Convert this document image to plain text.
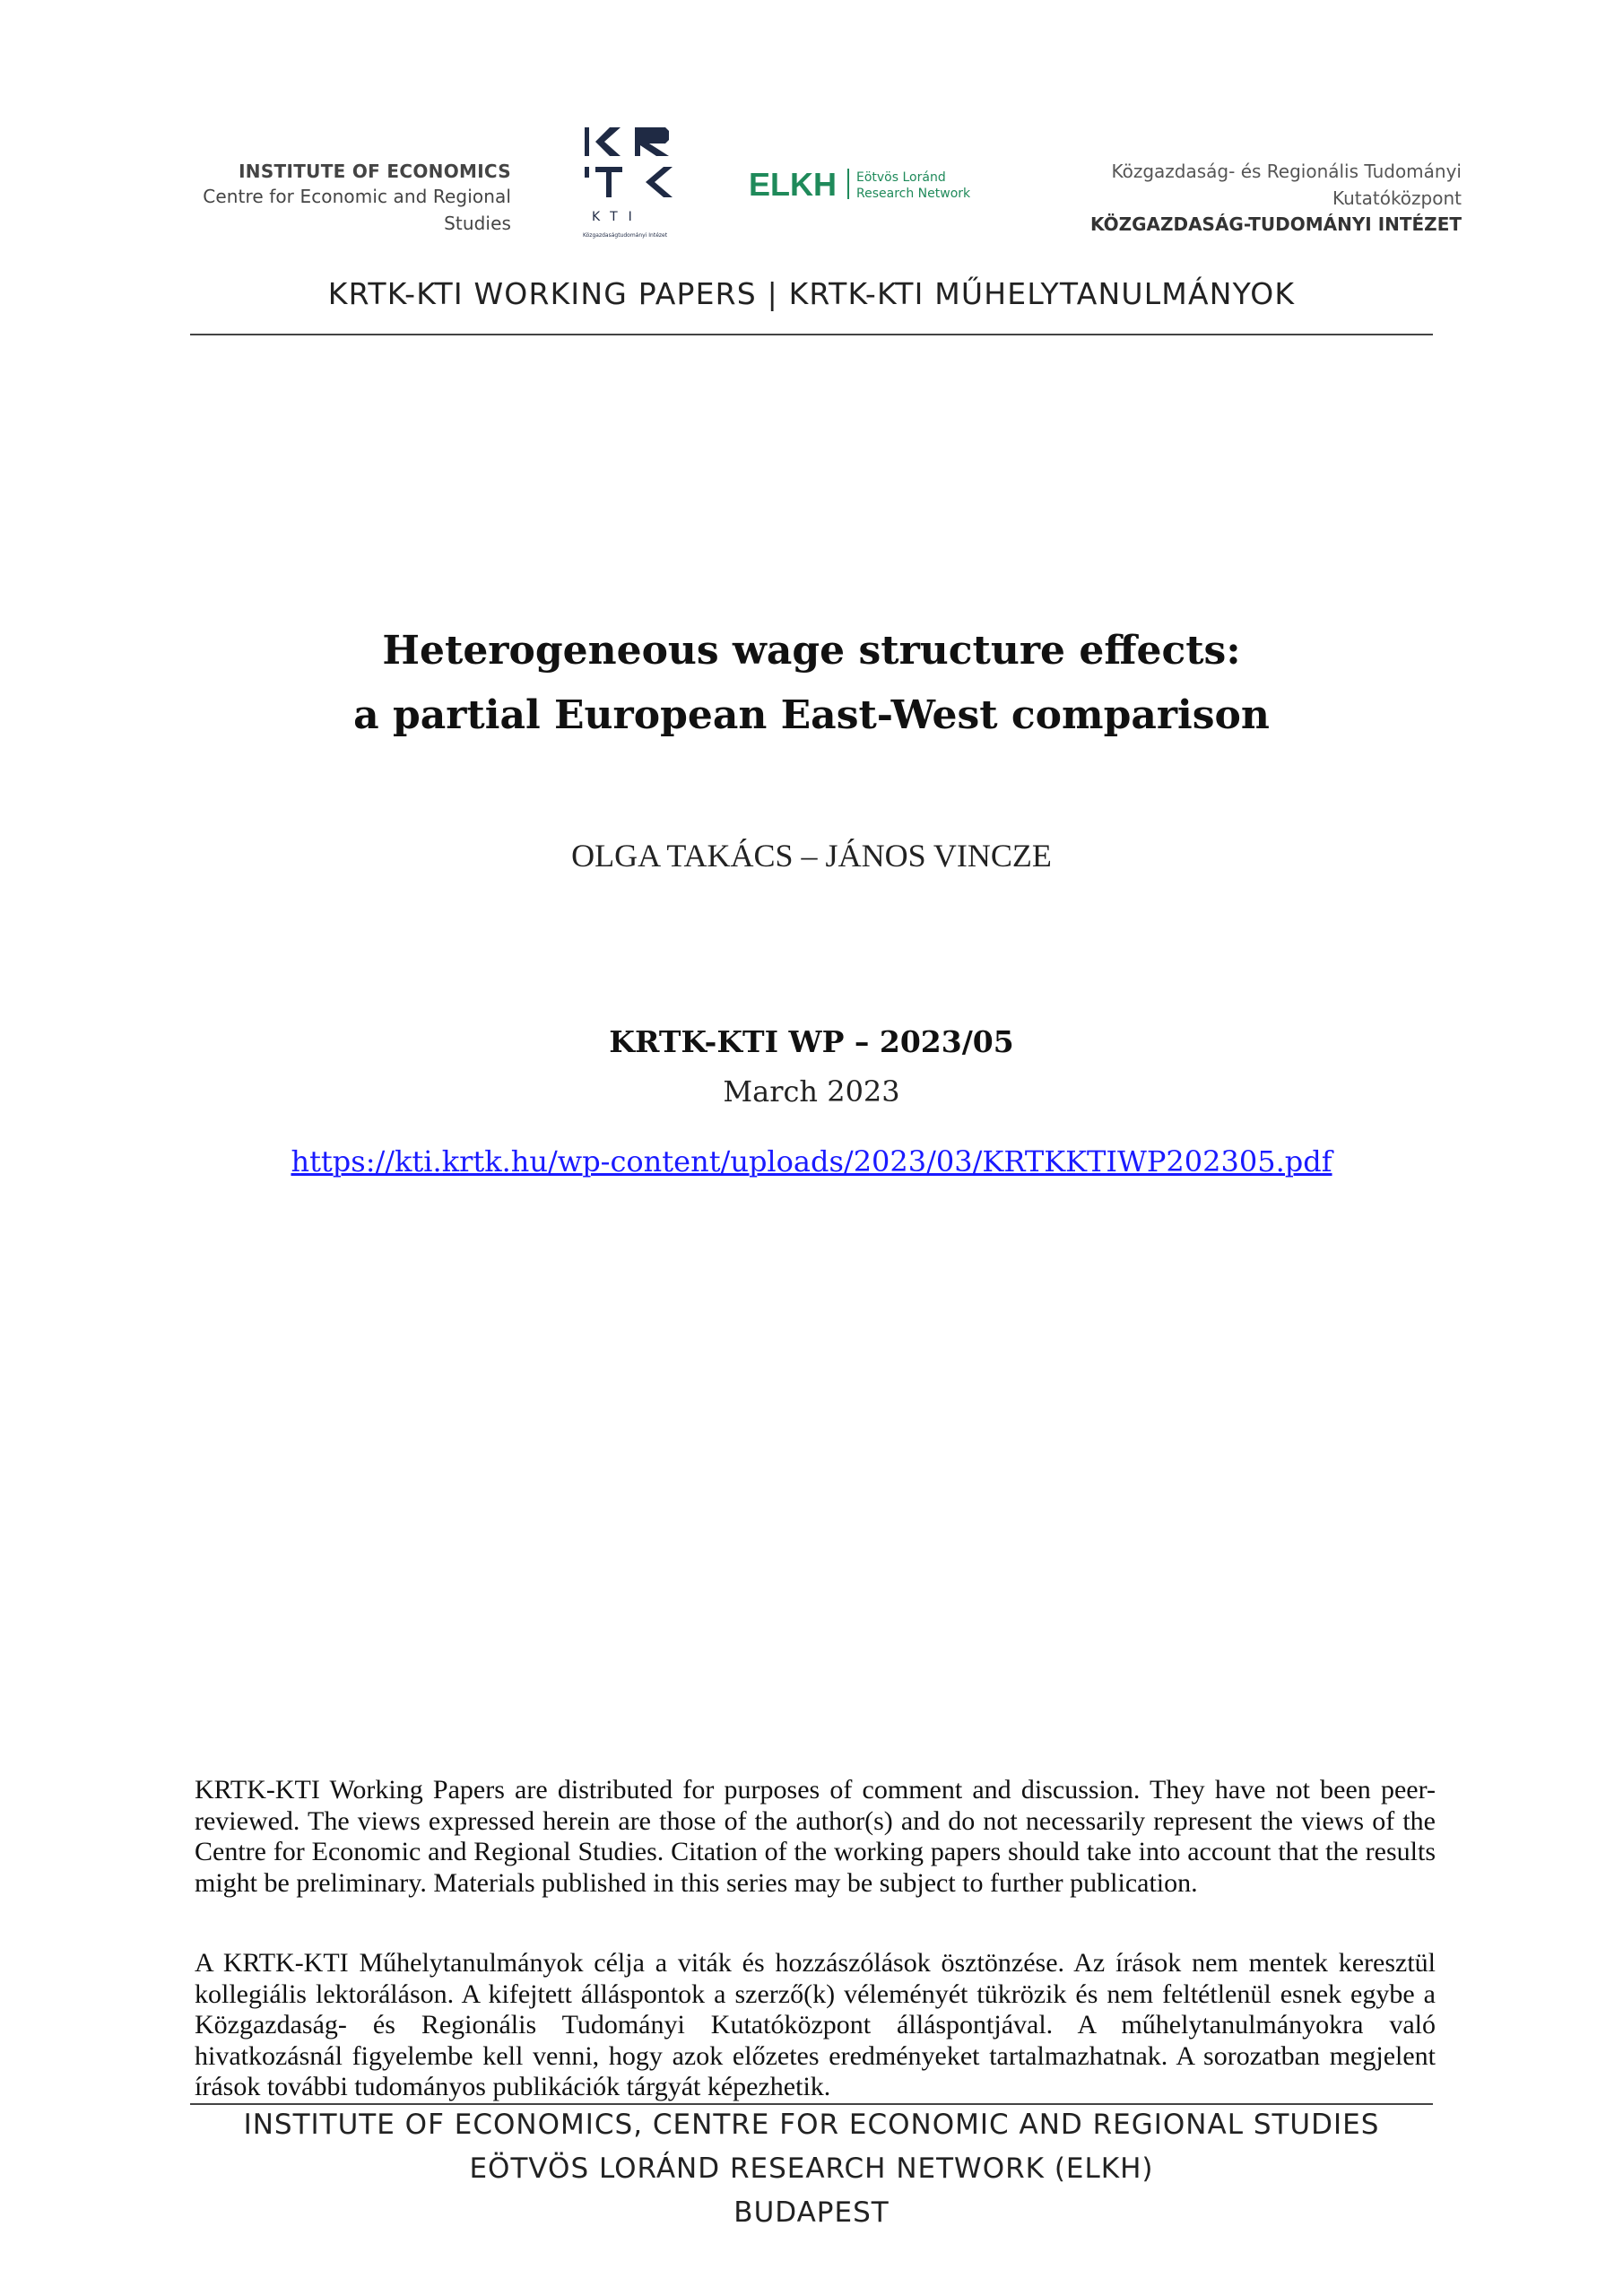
INSTITUTE OF ECONOMICS
Centre for Economic and Regional Studies	KTI
Közgazdaságtudományi Intézet
ELKH Eötvös Loránd
Research Network
Közgazdaság- és Regionális Tudományi Kutatóközpont
KÖZGAZDASÁG-TUDOMÁNYI INTÉZET
KRTK-KTI WORKING PAPERS | KRTK-KTI MŰHELYTANULMÁNYOK
Heterogeneous wage structure effects:
a partial European East-West comparison
OLGA TAKÁCS – JÁNOS VINCZE
KRTK-KTI WP – 2023/05
March 2023
https://kti.krtk.hu/wp-content/uploads/2023/03/KRTKKTIWP202305.pdf
KRTK-KTI Working Papers are distributed for purposes of comment and discussion. They have not been peer-reviewed. The views expressed herein are those of the author(s) and do not necessarily represent the views of the Centre for Economic and Regional Studies. Citation of the working papers should take into account that the results might be preliminary. Materials published in this series may be subject to further publication.
A KRTK-KTI Műhelytanulmányok célja a viták és hozzászólások ösztönzése. Az írások nem mentek keresztül kollegiális lektoráláson. A kifejtett álláspontok a szerző(k) véleményét tükrözik és nem feltétlenül esnek egybe a Közgazdaság- és Regionális Tudományi Kutatóközpont álláspontjával. A műhelytanulmányokra való hivatkozásnál figyelembe kell venni, hogy azok előzetes eredményeket tartalmazhatnak. A sorozatban megjelent írások további tudományos publikációk tárgyát képezhetik.
INSTITUTE OF ECONOMICS, CENTRE FOR ECONOMIC AND REGIONAL STUDIES
EÖTVÖS LORÁND RESEARCH NETWORK (ELKH)
BUDAPEST
